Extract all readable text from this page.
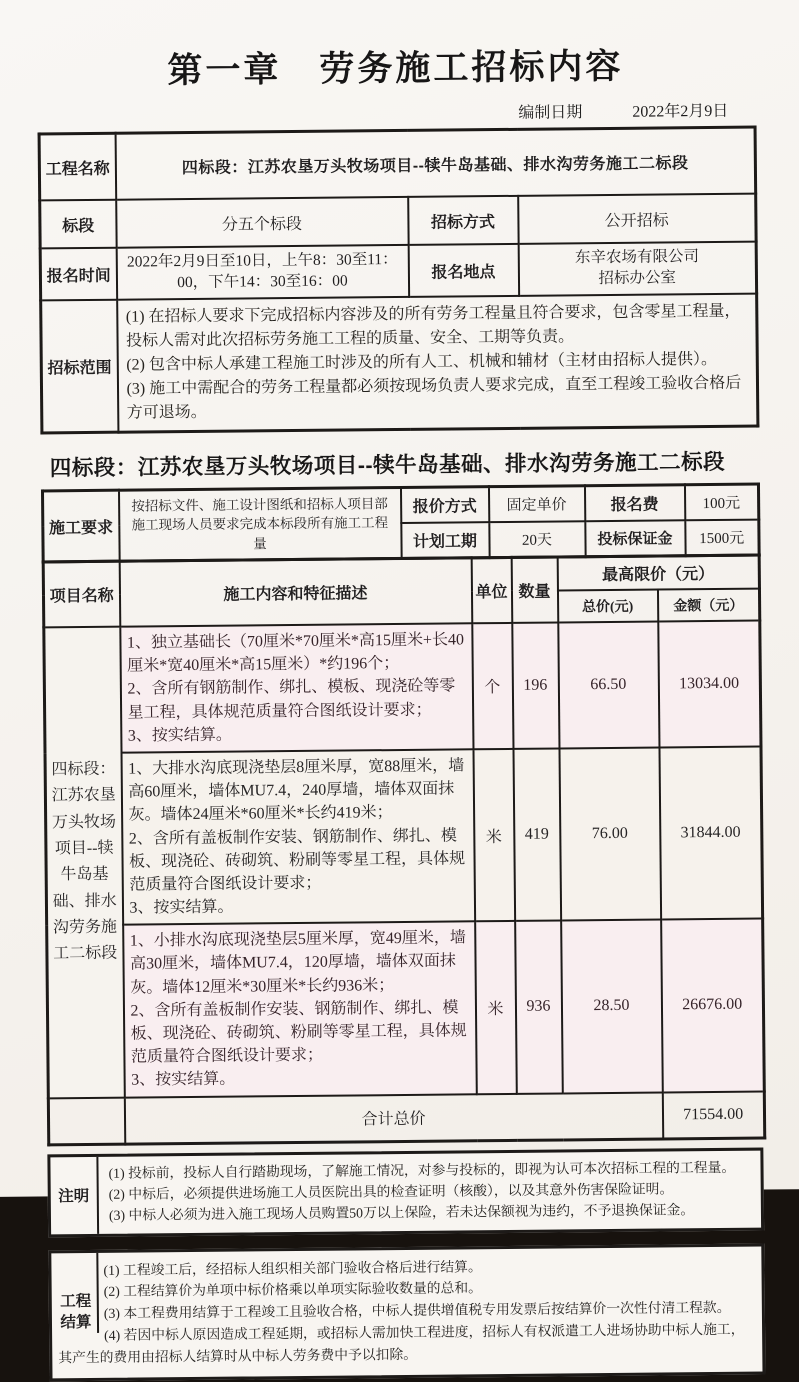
第一章　劳务施工招标内容
编制日期	2022年2月9日
工程名称	四标段：江苏农垦万头牧场项目--犊牛岛基础、排水沟劳务施工二标段		
标段	分五个标段	招标方式	公开招标
报名时间	2022年2月9日至10日，上午8：30至11：00，下午14：30至16：00	报名地点	东辛农场有限公司
招标办公室
招标范围	(1) 在招标人要求下完成招标内容涉及的所有劳务工程量且符合要求，包含零星工程量，投标人需对此次招标劳务施工工程的质量、安全、工期等负责。
(2) 包含中标人承建工程施工时涉及的所有人工、机械和辅材（主材由招标人提供）。
(3) 施工中需配合的劳务工程量都必须按现场负责人要求完成，直至工程竣工验收合格后方可退场。		
四标段：江苏农垦万头牧场项目--犊牛岛基础、排水沟劳务施工二标段
施工要求	按招标文件、施工设计图纸和招标人项目部施工现场人员要求完成本标段所有施工工程量	报价方式	固定单价	报名费	100元
		计划工期	20天	投标保证金	1500元
项目名称	施工内容和特征描述	单位	数量	最高限价（元）	
				总价(元)	金额（元）
四标段：江苏农垦万头牧场项目--犊牛岛基础、排水沟劳务施工二标段	1、独立基础长（70厘米*70厘米*高15厘米+长40厘米*宽40厘米*高15厘米）*约196个；
2、含所有钢筋制作、绑扎、模板、现浇砼等零星工程，具体规范质量符合图纸设计要求；
3、按实结算。	个	196	66.50	13034.00
	1、大排水沟底现浇垫层8厘米厚，宽88厘米，墙高60厘米，墙体MU7.4，240厚墙，墙体双面抹灰。墙体24厘米*60厘米*长约419米；
2、含所有盖板制作安装、钢筋制作、绑扎、模板、现浇砼、砖砌筑、粉刷等零星工程，具体规范质量符合图纸设计要求；
3、按实结算。	米	419	76.00	31844.00
	1、小排水沟底现浇垫层5厘米厚，宽49厘米，墙高30厘米，墙体MU7.4，120厚墙，墙体双面抹灰。墙体12厘米*30厘米*长约936米；
2、含所有盖板制作安装、钢筋制作、绑扎、模板、现浇砼、砖砌筑、粉刷等零星工程，具体规范质量符合图纸设计要求；
3、按实结算。	米	936	28.50	26676.00
	合计总价				71554.00
注明
(1) 投标前，投标人自行踏勘现场，了解施工情况，对参与投标的，即视为认可本次招标工程的工程量。
(2) 中标后，必须提供进场施工人员医院出具的检查证明（核酸），以及其意外伤害保险证明。
(3) 中标人必须为进入施工现场人员购置50万以上保险，若未达保额视为违约，不予退换保证金。
工程 结算
(1) 工程竣工后，经招标人组织相关部门验收合格后进行结算。
(2) 工程结算价为单项中标价格乘以单项实际验收数量的总和。
(3) 本工程费用结算于工程竣工且验收合格，中标人提供增值税专用发票后按结算价一次性付清工程款。
(4) 若因中标人原因造成工程延期，或招标人需加快工程进度，招标人有权派遣工人进场协助中标人施工，其产生的费用由招标人结算时从中标人劳务费中予以扣除。
